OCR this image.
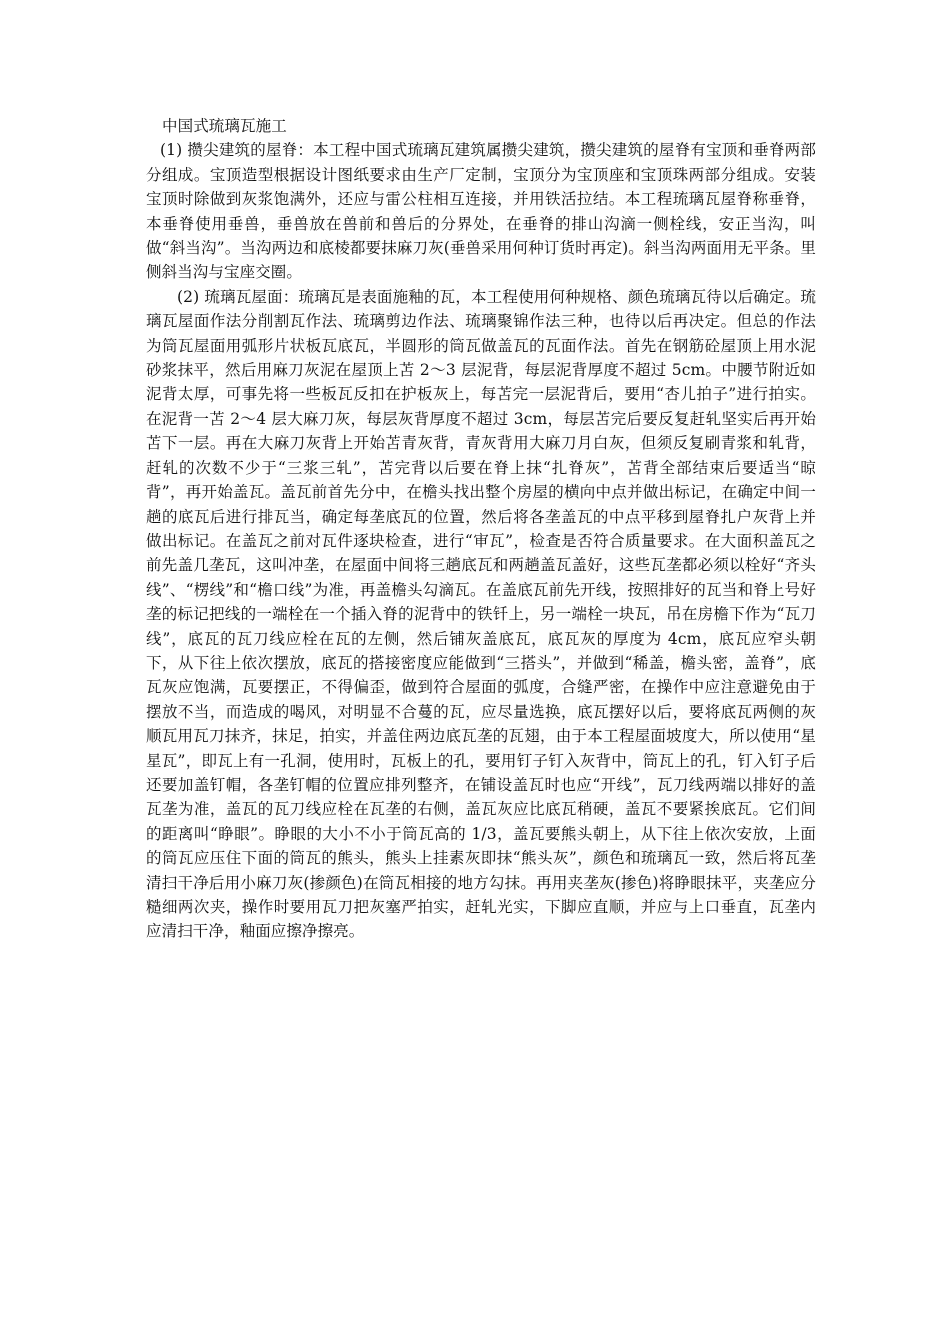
中国式琉璃瓦施工

(1) 攒尖建筑的屋脊：本工程中国式琉璃瓦建筑属攒尖建筑，攒尖建筑的屋脊有宝顶和垂脊两部分组成。宝顶造型根据设计图纸要求由生产厂定制，宝顶分为宝顶座和宝顶珠两部分组成。安装宝顶时除做到灰浆饱满外，还应与雷公柱相互连接，并用铁活拉结。本工程琉璃瓦屋脊称垂脊，本垂脊使用垂兽，垂兽放在兽前和兽后的分界处，在垂脊的排山沟滴一侧栓线，安正当沟，叫做“斜当沟”。当沟两边和底棱都要抹麻刀灰(垂兽采用何种订货时再定)。斜当沟两面用无平条。里侧斜当沟与宝座交圈。

(2) 琉璃瓦屋面：琉璃瓦是表面施釉的瓦，本工程使用何种规格、颜色琉璃瓦待以后确定。琉璃瓦屋面作法分削割瓦作法、琉璃剪边作法、琉璃聚锦作法三种，也待以后再决定。但总的作法为筒瓦屋面用弧形片状板瓦底瓦，半圆形的筒瓦做盖瓦的瓦面作法。首先在钢筋砼屋顶上用水泥砂浆抹平，然后用麻刀灰泥在屋顶上苫 2～3 层泥背，每层泥背厚度不超过 5cm。中腰节附近如泥背太厚，可事先将一些板瓦反扣在护板灰上，每苫完一层泥背后，要用“杏儿拍子”进行拍实。在泥背一苫 2～4 层大麻刀灰，每层灰背厚度不超过 3cm，每层苫完后要反复赶轧坚实后再开始苫下一层。再在大麻刀灰背上开始苫青灰背，青灰背用大麻刀月白灰，但须反复刷青浆和轧背，赶轧的次数不少于“三浆三轧”，苫完背以后要在脊上抹“扎脊灰”，苫背全部结束后要适当“晾背”，再开始盖瓦。盖瓦前首先分中，在檐头找出整个房屋的横向中点并做出标记，在确定中间一趟的底瓦后进行排瓦当，确定每垄底瓦的位置，然后将各垄盖瓦的中点平移到屋脊扎户灰背上并做出标记。在盖瓦之前对瓦件逐块检查，进行“审瓦”，检查是否符合质量要求。在大面积盖瓦之前先盖几垄瓦，这叫冲垄，在屋面中间将三趟底瓦和两趟盖瓦盖好，这些瓦垄都必须以栓好“齐头线”、“楞线”和“檐口线”为准，再盖檐头勾滴瓦。在盖底瓦前先开线，按照排好的瓦当和脊上号好垄的标记把线的一端栓在一个插入脊的泥背中的铁钎上，另一端栓一块瓦，吊在房檐下作为“瓦刀线”，底瓦的瓦刀线应栓在瓦的左侧，然后铺灰盖底瓦，底瓦灰的厚度为 4cm，底瓦应窄头朝下，从下往上依次摆放，底瓦的搭接密度应能做到“三搭头”，并做到“稀盖，檐头密，盖脊”，底瓦灰应饱满，瓦要摆正，不得偏歪，做到符合屋面的弧度，合缝严密，在操作中应注意避免由于摆放不当，而造成的喝风，对明显不合蔓的瓦，应尽量选换，底瓦摆好以后，要将底瓦两侧的灰顺瓦用瓦刀抹齐，抹足，拍实，并盖住两边底瓦垄的瓦翅，由于本工程屋面坡度大，所以使用“星星瓦”，即瓦上有一孔洞，使用时，瓦板上的孔，要用钉子钉入灰背中，筒瓦上的孔，钉入钉子后还要加盖钉帽，各垄钉帽的位置应排列整齐，在铺设盖瓦时也应“开线”，瓦刀线两端以排好的盖瓦垄为准，盖瓦的瓦刀线应栓在瓦垄的右侧，盖瓦灰应比底瓦稍硬，盖瓦不要紧挨底瓦。它们间的距离叫“睁眼”。睁眼的大小不小于筒瓦高的 1/3，盖瓦要熊头朝上，从下往上依次安放，上面的筒瓦应压住下面的筒瓦的熊头，熊头上挂素灰即抹“熊头灰”，颜色和琉璃瓦一致，然后将瓦垄清扫干净后用小麻刀灰(掺颜色)在筒瓦相接的地方勾抹。再用夹垄灰(掺色)将睁眼抹平，夹垄应分糙细两次夹，操作时要用瓦刀把灰塞严拍实，赶轧光实，下脚应直顺，并应与上口垂直，瓦垄内应清扫干净，釉面应擦净擦亮。
